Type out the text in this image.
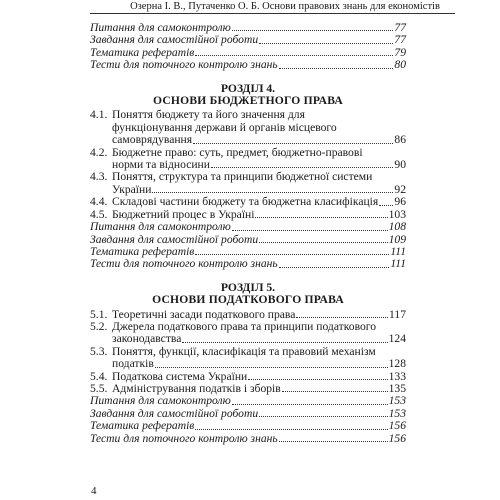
Озерна І. В., Путаченко О. Б. Основи правових знань для економістів
Питання для самоконтролю	77
Завдання для самостійної роботи	77
Тематика рефератів	79
Тести для поточного контролю знань	80
РОЗДІЛ 4.
ОСНОВИ БЮДЖЕТНОГО ПРАВА
4.1. Поняття бюджету та його значення для
функціонування держави й органів місцевого
самоврядування	86
4.2. Бюджетне право: суть, предмет, бюджетно-правові
норми та відносини	90
4.3. Поняття, структура та принципи бюджетної системи
України	92
4.4. Складові частини бюджету та бюджетна класифікація 96
4.5. Бюджетний процес в Україні	103
Питання для самоконтролю	108
Завдання для самостійної роботи	109
Тематика рефератів	111
Тести для поточного контролю знань	111
РОЗДІЛ 5.
ОСНОВИ ПОДАТКОВОГО ПРАВА
5.1. Теоретичні засади податкового права	117
5.2. Джерела податкового права та принципи податкового
законодавства	124
5.3. Поняття, функції, класифікація та правовий механізм
податків	128
5.4. Податкова система України	133
5.5. Адміністрування податків і зборів	135
Питання для самоконтролю	153
Завдання для самостійної роботи	153
Тематика рефератів	156
Тести для поточного контролю знань	156
4
